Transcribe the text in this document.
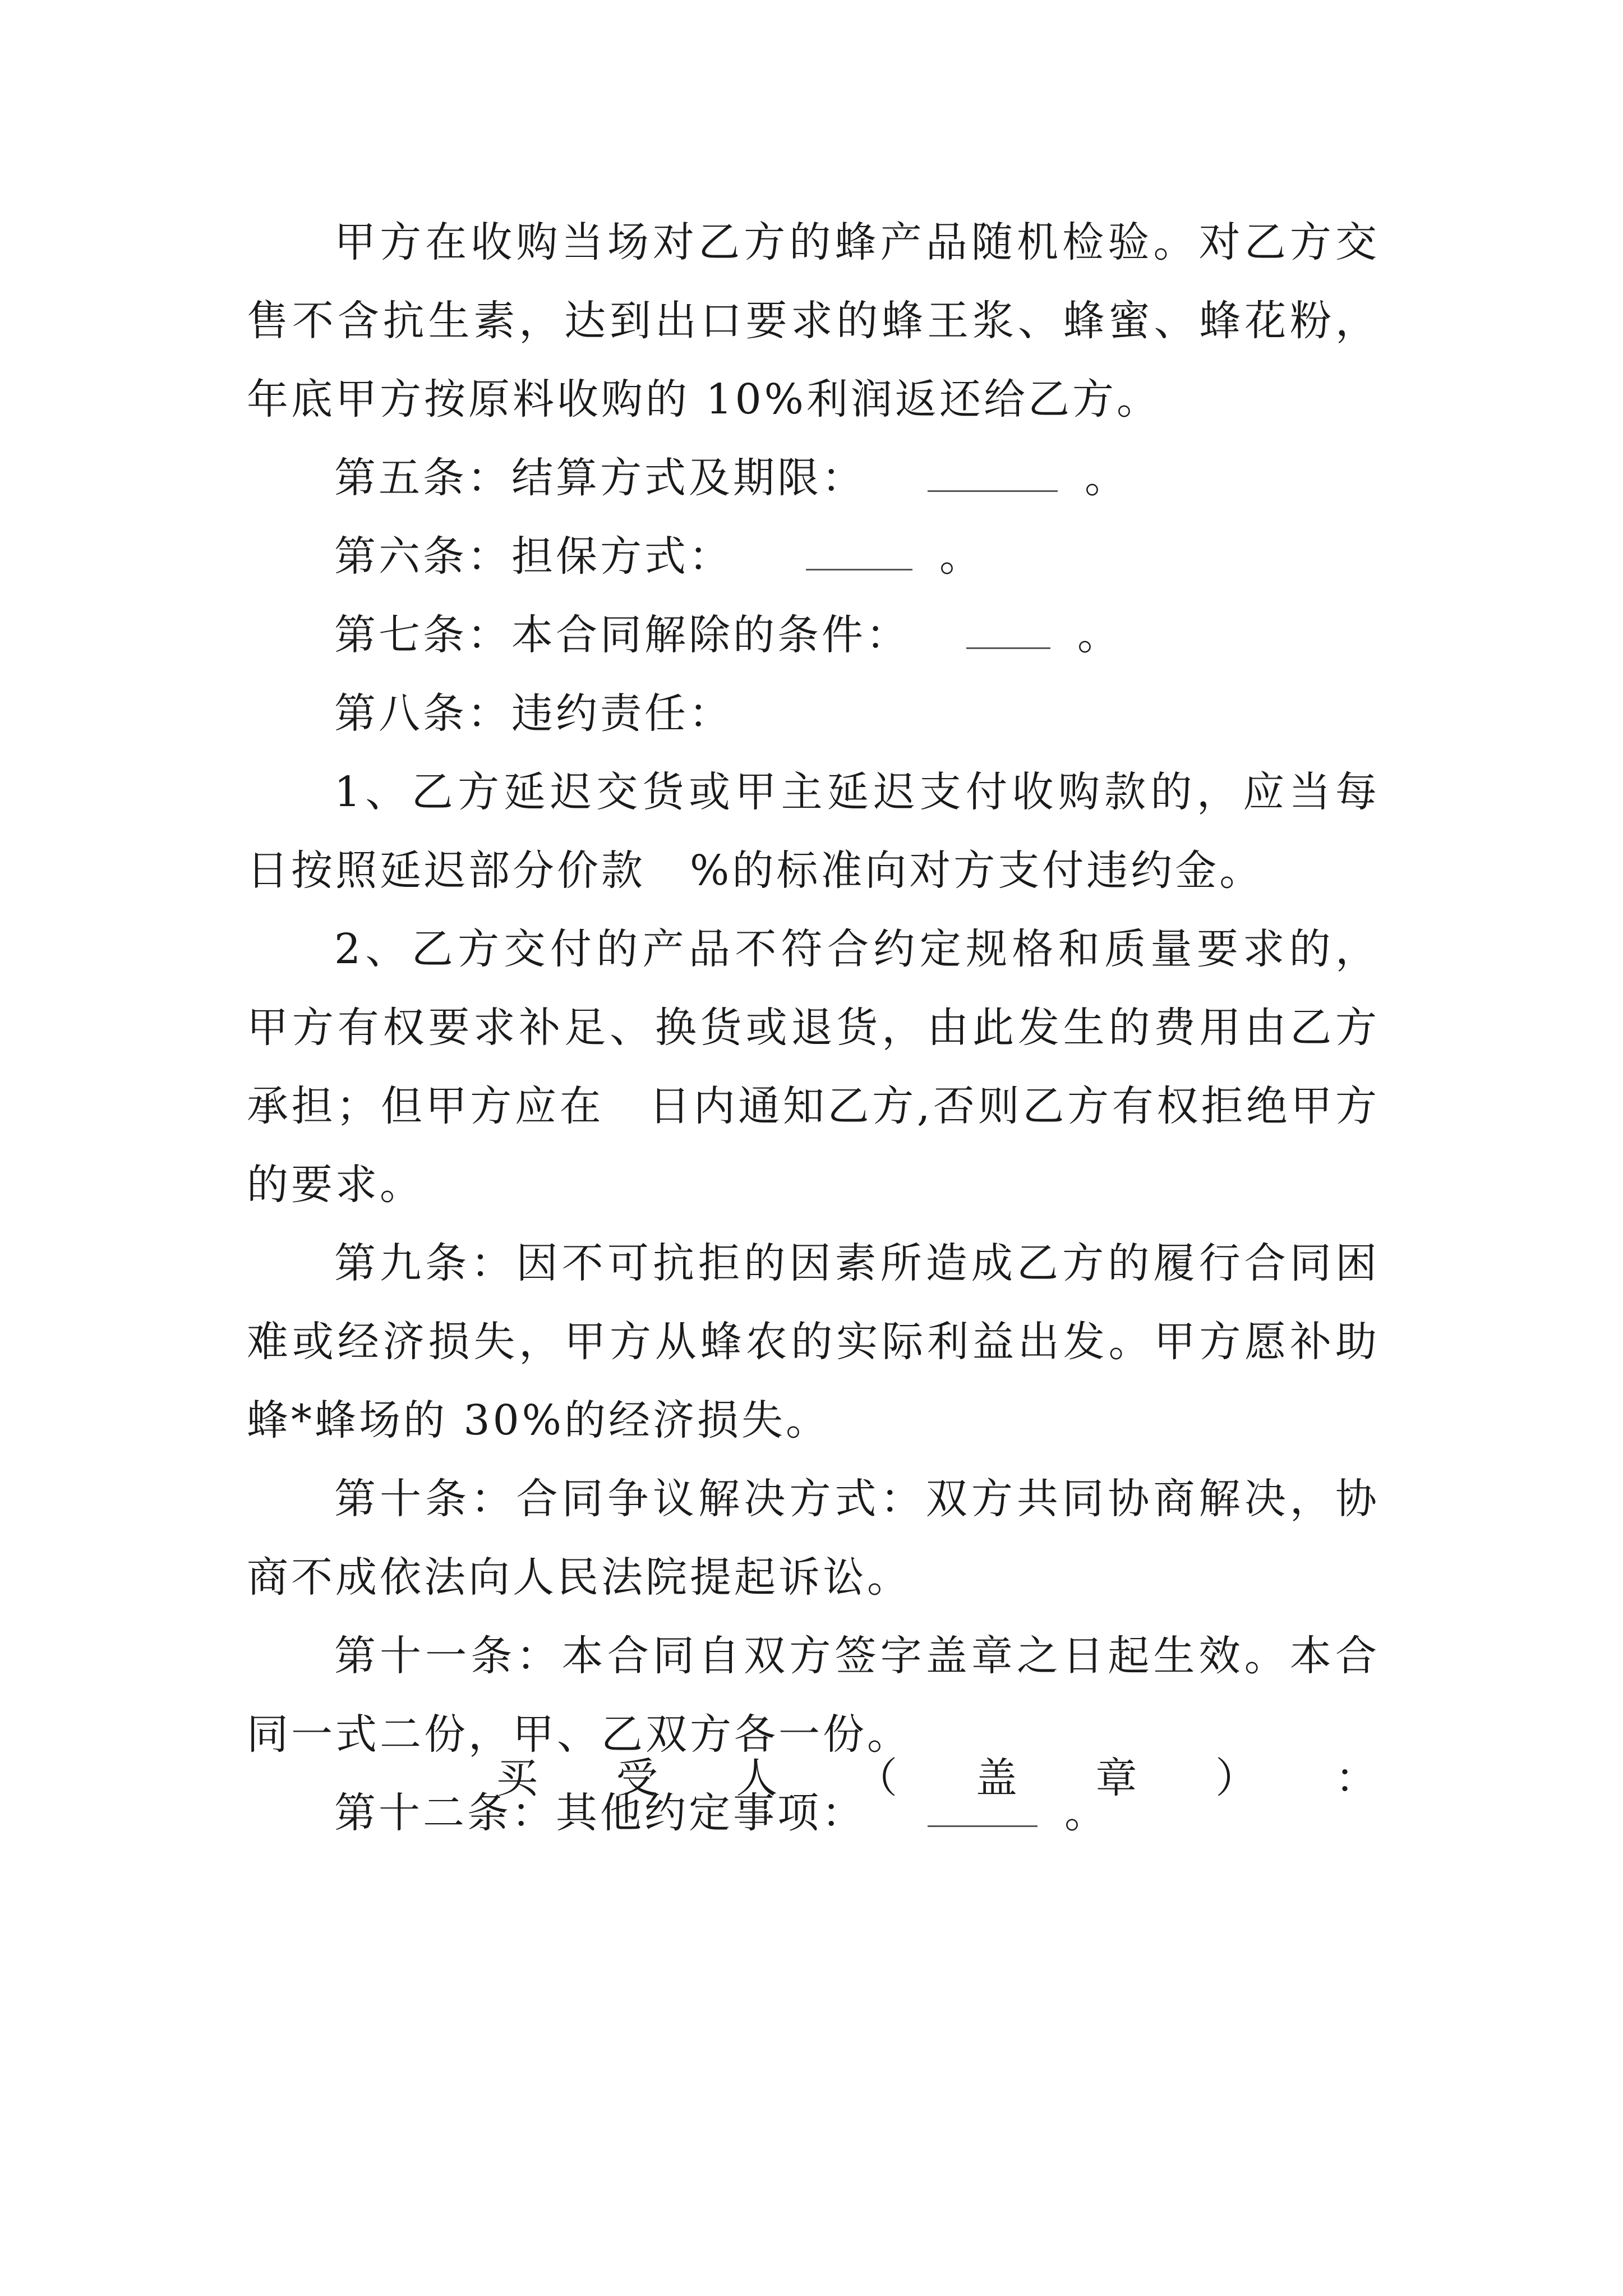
甲方在收购当场对乙方的蜂产品随机检验。对乙方交售不含抗生素，达到出口要求的蜂王浆、蜂蜜、蜂花粉，年底甲方按原料收购的 10%利润返还给乙方。

第五条：结算方式及期限：	。

第六条：担保方式：	。

第七条：本合同解除的条件：	。

第八条：违约责任：

1、乙方延迟交货或甲主延迟支付收购款的，应当每日按照延迟部分价款　%的标准向对方支付违约金。

2、乙方交付的产品不符合约定规格和质量要求的，甲方有权要求补足、换货或退货，由此发生的费用由乙方承担；但甲方应在　日内通知乙方,否则乙方有权拒绝甲方的要求。

第九条：因不可抗拒的因素所造成乙方的履行合同困难或经济损失，甲方从蜂农的实际利益出发。甲方愿补助蜂*蜂场的 30%的经济损失。

第十条：合同争议解决方式：双方共同协商解决，协商不成依法向人民法院提起诉讼。

第十一条：本合同自双方签字盖章之日起生效。本合同一式二份，甲、乙双方各一份。

第十二条：其他约定事项：	。

买 受 人 （ 盖 章 ） ：
